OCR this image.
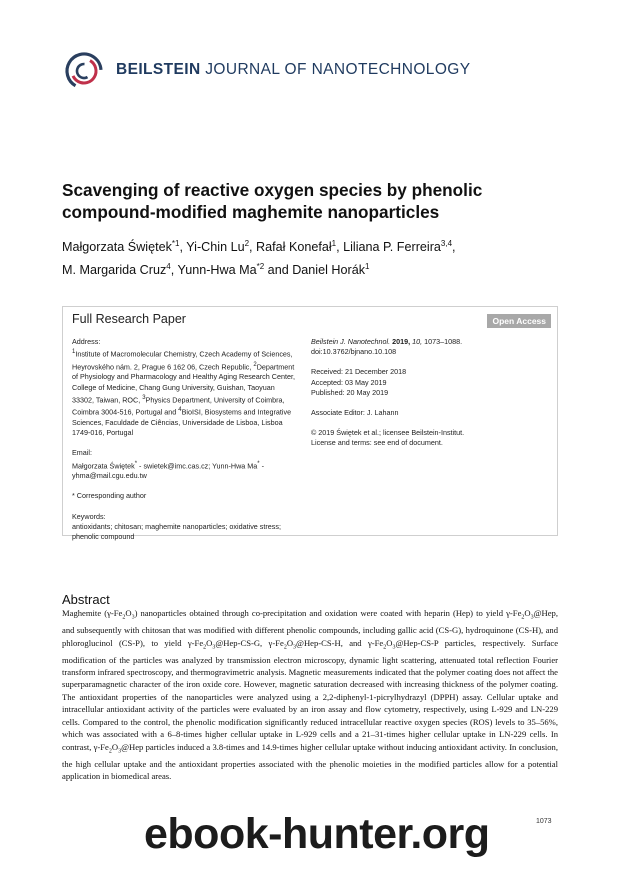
BEILSTEIN JOURNAL OF NANOTECHNOLOGY
Scavenging of reactive oxygen species by phenolic compound-modified maghemite nanoparticles
Małgorzata Świętek$^{*1}$, Yi-Chin Lu$^2$, Rafał Konefał$^1$, Liliana P. Ferreira$^{3,4}$,
M. Margarida Cruz$^4$, Yunn-Hwa Ma$^{*2}$ and Daniel Horák$^1$
Full Research Paper	Open Access
Address:
$^1$Institute of Macromolecular Chemistry, Czech Academy of Sciences, Heyrovského nám. 2, Prague 6 162 06, Czech Republic, $^2$Department of Physiology and Pharmacology and Healthy Aging Research Center, College of Medicine, Chang Gung University, Guishan, Taoyuan 33302, Taiwan, ROC, $^3$Physics Department, University of Coimbra, Coimbra 3004-516, Portugal and $^4$BioISI, Biosystems and Integrative Sciences, Faculdade de Ciências, Universidade de Lisboa, Lisboa 1749-016, Portugal
Email:
Małgorzata Świętek* - swietek@imc.cas.cz; Yunn-Hwa Ma* - yhma@mail.cgu.edu.tw
* Corresponding author
Keywords:
antioxidants; chitosan; maghemite nanoparticles; oxidative stress; phenolic compound
Beilstein J. Nanotechnol. 2019, 10, 1073–1088.
doi:10.3762/bjnano.10.108
Received: 21 December 2018
Accepted: 03 May 2019
Published: 20 May 2019
Associate Editor: J. Lahann
© 2019 Świętek et al.; licensee Beilstein-Institut.
License and terms: see end of document.
Abstract
Maghemite $(\gamma-Fe_2O_3)$ nanoparticles obtained through co-precipitation and oxidation were coated with heparin (Hep) to yield $\gamma-Fe_2O_3@Hep$, and subsequently with chitosan that was modified with different phenolic compounds, including gallic acid (CS-G), hydroquinone (CS-H), and phloroglucinol (CS-P), to yield $\gamma-Fe_2O_3@Hep-CS-G$, $\gamma-Fe_2O_3@Hep-CS-H$, and $\gamma-Fe_2O_3@Hep-CS-P$ particles, respectively. Surface modification of the particles was analyzed by transmission electron microscopy, dynamic light scattering, attenuated total reflection Fourier transform infrared spectroscopy, and thermogravimetric analysis. Magnetic measurements indicated that the polymer coating does not affect the superparamagnetic character of the iron oxide core. However, magnetic saturation decreased with increasing thickness of the polymer coating. The antioxidant properties of the nanoparticles were analyzed using a 2,2-diphenyl-1-picrylhydrazyl (DPPH) assay. Cellular uptake and intracellular antioxidant activity of the particles were evaluated by an iron assay and flow cytometry, respectively, using L-929 and LN-229 cells. Compared to the control, the phenolic modification significantly reduced intracellular reactive oxygen species (ROS) levels to 35–56%, which was associated with a 6–8-times higher cellular uptake in L-929 cells and a 21–31-times higher cellular uptake in LN-229 cells. In contrast, $\gamma-Fe_2O_3@Hep$ particles induced a 3.8-times and 14.9-times higher cellular uptake without inducing antioxidant activity. In conclusion, the high cellular uptake and the antioxidant properties associated with the phenolic moieties in the modified particles allow for a potential application in biomedical areas.
1073
ebook-hunter.org
